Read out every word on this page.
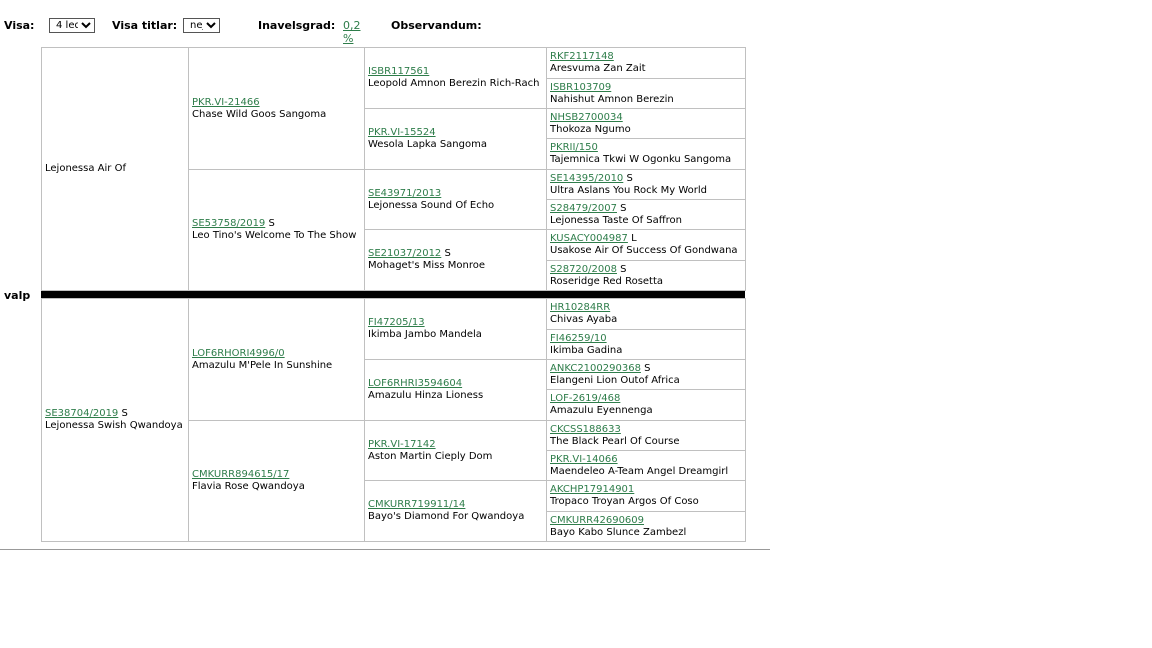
Visa:
4 led	Visa titlar:
nej	Inavelsgrad: 0,2 %
Observandum:
valp
Lejonessa Air Of
SE38704/2019 S
Lejonessa Swish Qwandoya
PKR.VI-21466
Chase Wild Goos Sangoma
SE53758/2019 S
Leo Tino's Welcome To The Show
LOF6RHORI4996/0
Amazulu M'Pele In Sunshine
CMKURR894615/17
Flavia Rose Qwandoya
ISBR117561
Leopold Amnon Berezin Rich-Rach
PKR.VI-15524
Wesola Lapka Sangoma
SE43971/2013
Lejonessa Sound Of Echo
SE21037/2012 S
Mohaget's Miss Monroe
FI47205/13
Ikimba Jambo Mandela
LOF6RHRI3594604
Amazulu Hinza Lioness
PKR.VI-17142
Aston Martin Cieply Dom
CMKURR719911/14
Bayo's Diamond For Qwandoya
RKF2117148
Aresvuma Zan Zait
ISBR103709
Nahishut Amnon Berezin
NHSB2700034
Thokoza Ngumo
PKRII/150
Tajemnica Tkwi W Ogonku Sangoma
SE14395/2010 S
Ultra Aslans You Rock My World
S28479/2007 S
Lejonessa Taste Of Saffron
KUSACY004987 L
Usakose Air Of Success Of Gondwana
S28720/2008 S
Roseridge Red Rosetta
HR10284RR
Chivas Ayaba
FI46259/10
Ikimba Gadina
ANKC2100290368 S
Elangeni Lion Outof Africa
LOF-2619/468
Amazulu Eyennenga
CKCSS188633
The Black Pearl Of Course
PKR.VI-14066
Maendeleo A-Team Angel Dreamgirl
AKCHP17914901
Tropaco Troyan Argos Of Coso
CMKURR42690609
Bayo Kabo Slunce Zambezl
